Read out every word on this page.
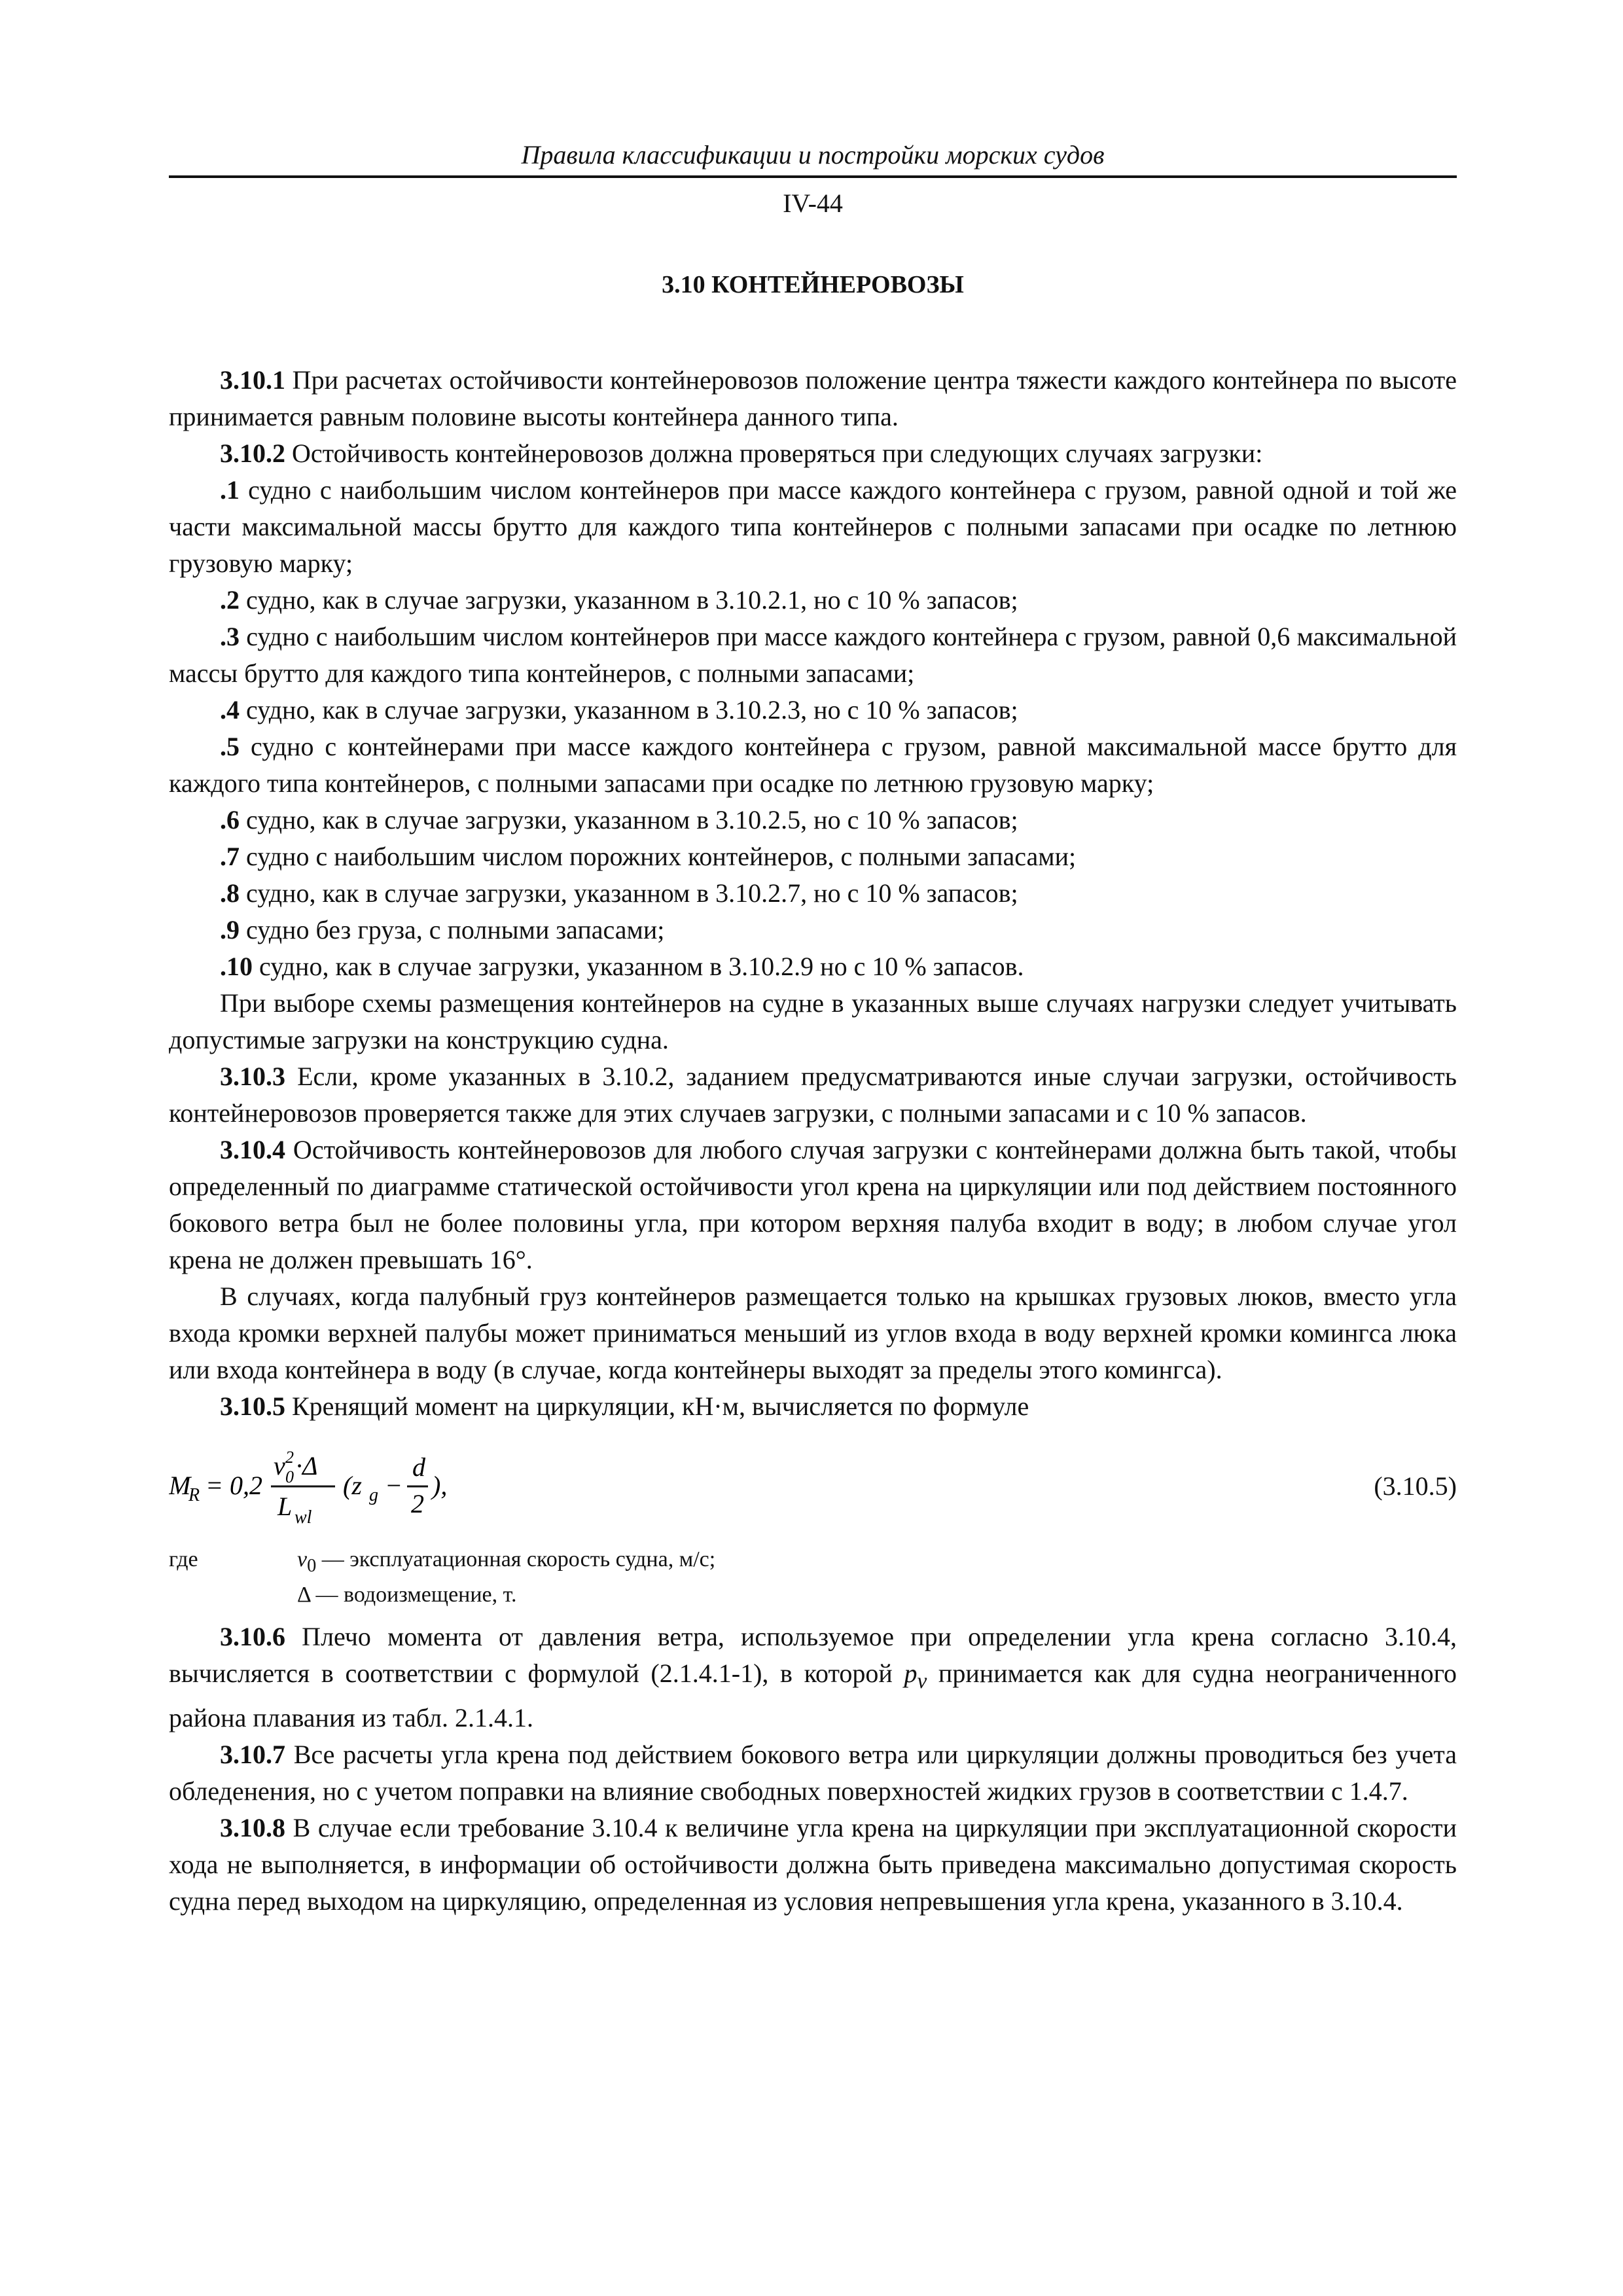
Правила классификации и постройки морских судов
IV-44
3.10 КОНТЕЙНЕРОВОЗЫ

3.10.1 При расчетах остойчивости контейнеровозов положение центра тяжести каждого контейнера по высоте принимается равным половине высоты контейнера данного типа.

3.10.2 Остойчивость контейнеровозов должна проверяться при следующих случаях загрузки:

.1 судно с наибольшим числом контейнеров при массе каждого контейнера с грузом, равной одной и той же части максимальной массы брутто для каждого типа контейнеров с полными запасами при осадке по летнюю грузовую марку;

.2 судно, как в случае загрузки, указанном в 3.10.2.1, но с 10 % запасов;

.3 судно с наибольшим числом контейнеров при массе каждого контейнера с грузом, равной 0,6 максимальной массы брутто для каждого типа контейнеров, с полными запасами;

.4 судно, как в случае загрузки, указанном в 3.10.2.3, но с 10 % запасов;

.5 судно с контейнерами при массе каждого контейнера с грузом, равной максимальной массе брутто для каждого типа контейнеров, с полными запасами при осадке по летнюю грузовую марку;

.6 судно, как в случае загрузки, указанном в 3.10.2.5, но с 10 % запасов;

.7 судно с наибольшим числом порожних контейнеров, с полными запасами;

.8 судно, как в случае загрузки, указанном в 3.10.2.7, но с 10 % запасов;

.9 судно без груза, с полными запасами;

.10 судно, как в случае загрузки, указанном в 3.10.2.9 но с 10 % запасов.

При выборе схемы размещения контейнеров на судне в указанных выше случаях нагрузки следует учитывать допустимые загрузки на конструкцию судна.

3.10.3 Если, кроме указанных в 3.10.2, заданием предусматриваются иные случаи загрузки, остойчивость контейнеровозов проверяется также для этих случаев загрузки, с полными запасами и с 10 % запасов.

3.10.4 Остойчивость контейнеровозов для любого случая загрузки с контейнерами должна быть такой, чтобы определенный по диаграмме статической остойчивости угол крена на циркуляции или под действием постоянного бокового ветра был не более половины угла, при котором верхняя палуба входит в воду; в любом случае угол крена не должен превышать 16°.

В случаях, когда палубный груз контейнеров размещается только на крышках грузовых люков, вместо угла входа кромки верхней палубы может приниматься меньший из углов входа в воду верхней кромки комингса люка или входа контейнера в воду (в случае, когда контейнеры выходят за пределы этого комингса).

3.10.5 Кренящий момент на циркуляции, кН·м, вычисляется по формуле

M
R = 0,2
v 2
0 ·Δ
L wl
(z g −
d
2
),	(3.10.5)
где	$v_0$ — эксплуатационная скорость судна, м/с;
Δ — водоизмещение, т.

3.10.6 Плечо момента от давления ветра, используемое при определении угла крена согласно 3.10.4, вычисляется в соответствии с формулой (2.1.4.1-1), в которой $p_v$ принимается как для судна неограниченного района плавания из табл. 2.1.4.1.

3.10.7 Все расчеты угла крена под действием бокового ветра или циркуляции должны проводиться без учета обледенения, но с учетом поправки на влияние свободных поверхностей жидких грузов в соответствии с 1.4.7.

3.10.8 В случае если требование 3.10.4 к величине угла крена на циркуляции при эксплуатационной скорости хода не выполняется, в информации об остойчивости должна быть приведена максимально допустимая скорость судна перед выходом на циркуляцию, определенная из условия непревышения угла крена, указанного в 3.10.4.
